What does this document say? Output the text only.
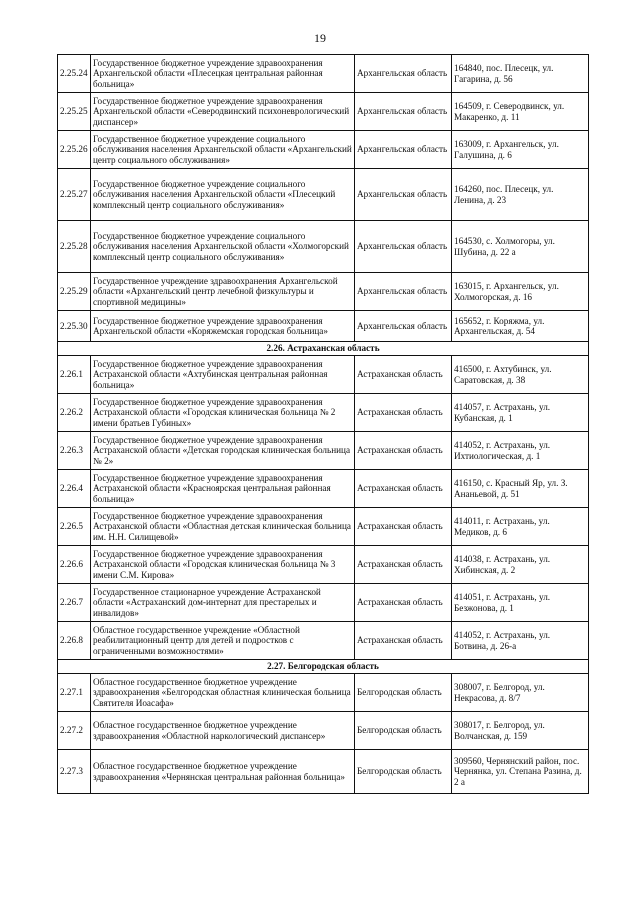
19
2.25.24	Государственное бюджетное учреждение здравоохранения Архангельской области «Плесецкая центральная районная больница»	Архангельская область	164840, пос. Плесецк, ул. Гагарина, д. 56
2.25.25	Государственное бюджетное учреждение здравоохранения Архангельской области «Северодвинский психоневрологический диспансер»	Архангельская область	164509, г. Северодвинск, ул. Макаренко, д. 11
2.25.26	Государственное бюджетное учреждение социального обслуживания населения Архангельской области «Архангельский центр социального обслуживания»	Архангельская область	163009, г. Архангельск, ул. Галушина, д. 6
2.25.27	Государственное бюджетное учреждение социального обслуживания населения Архангельской области «Плесецкий комплексный центр социального обслуживания»	Архангельская область	164260, пос. Плесецк, ул. Ленина, д. 23
2.25.28	Государственное бюджетное учреждение социального обслуживания населения Архангельской области «Холмогорский комплексный центр социального обслуживания»	Архангельская область	164530, с. Холмогоры, ул. Шубина, д. 22 а
2.25.29	Государственное учреждение здравоохранения Архангельской области «Архангельский центр лечебной физкультуры и спортивной медицины»	Архангельская область	163015, г. Архангельск, ул. Холмогорская, д. 16
2.25.30	Государственное бюджетное учреждение здравоохранения Архангельской области «Коряжемская городская больница»	Архангельская область	165652, г. Коряжма, ул. Архангельская, д. 54
2.26. Астраханская область			
2.26.1	Государственное бюджетное учреждение здравоохранения Астраханской области «Ахтубинская центральная районная больница»	Астраханская область	416500, г. Ахтубинск, ул. Саратовская, д. 38
2.26.2	Государственное бюджетное учреждение здравоохранения Астраханской области «Городская клиническая больница № 2 имени братьев Губиных»	Астраханская область	414057, г. Астрахань, ул. Кубанская, д. 1
2.26.3	Государственное бюджетное учреждение здравоохранения Астраханской области «Детская городская клиническая больница № 2»	Астраханская область	414052, г. Астрахань, ул. Ихтиологическая, д. 1
2.26.4	Государственное бюджетное учреждение здравоохранения Астраханской области «Красноярская центральная районная больница»	Астраханская область	416150, с. Красный Яр, ул. З. Ананьевой, д. 51
2.26.5	Государственное бюджетное учреждение здравоохранения Астраханской области «Областная детская клиническая больница им. Н.Н. Силищевой»	Астраханская область	414011, г. Астрахань, ул. Медиков, д. 6
2.26.6	Государственное бюджетное учреждение здравоохранения Астраханской области «Городская клиническая больница № 3 имени С.М. Кирова»	Астраханская область	414038, г. Астрахань, ул. Хибинская, д. 2
2.26.7	Государственное стационарное учреждение Астраханской области «Астраханский дом-интернат для престарелых и инвалидов»	Астраханская область	414051, г. Астрахань, ул. Безжонова, д. 1
2.26.8	Областное государственное учреждение «Областной реабилитационный центр для детей и подростков с ограниченными возможностями»	Астраханская область	414052, г. Астрахань, ул. Ботвина, д. 26-а
2.27. Белгородская область			
2.27.1	Областное государственное бюджетное учреждение здравоохранения «Белгородская областная клиническая больница Святителя Иоасафа»	Белгородская область	308007, г. Белгород, ул. Некрасова, д. 8/7
2.27.2	Областное государственное бюджетное учреждение здравоохранения «Областной наркологический диспансер»	Белгородская область	308017, г. Белгород, ул. Волчанская, д. 159
2.27.3	Областное государственное бюджетное учреждение здравоохранения «Чернянская центральная районная больница»	Белгородская область	309560, Чернянский район, пос. Чернянка, ул. Степана Разина, д. 2 а
